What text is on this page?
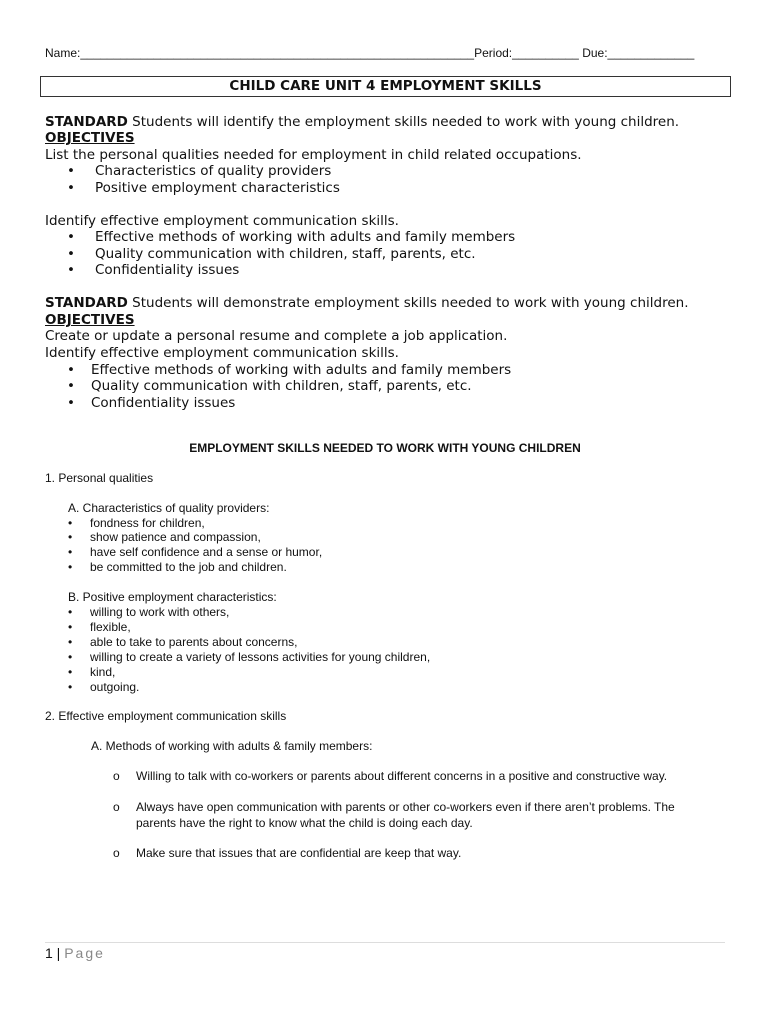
Name:___________________________________________________________Period:__________ Due:_____________
CHILD CARE UNIT 4 EMPLOYMENT SKILLS
STANDARD Students will identify the employment skills needed to work with young children.
OBJECTIVES
List the personal qualities needed for employment in child related occupations.
• Characteristics of quality providers
• Positive employment characteristics
Identify effective employment communication skills.
• Effective methods of working with adults and family members
• Quality communication with children, staff, parents, etc.
• Confidentiality issues
STANDARD Students will demonstrate employment skills needed to work with young children.
OBJECTIVES
Create or update a personal resume and complete a job application.
Identify effective employment communication skills.
• Effective methods of working with adults and family members
• Quality communication with children, staff, parents, etc.
• Confidentiality issues
EMPLOYMENT SKILLS NEEDED TO WORK WITH YOUNG CHILDREN
1. Personal qualities
A. Characteristics of quality providers:
• fondness for children,
• show patience and compassion,
• have self confidence and a sense or humor,
• be committed to the job and children.
B. Positive employment characteristics:
• willing to work with others,
• flexible,
• able to take to parents about concerns,
• willing to create a variety of lessons activities for young children,
• kind,
• outgoing.
2. Effective employment communication skills
A. Methods of working with adults & family members:
o Willing to talk with co-workers or parents about different concerns in a positive and constructive way.
o Always have open communication with parents or other co-workers even if there aren’t problems. The parents have the right to know what the child is doing each day.
o Make sure that issues that are confidential are keep that way.
1 | Page
